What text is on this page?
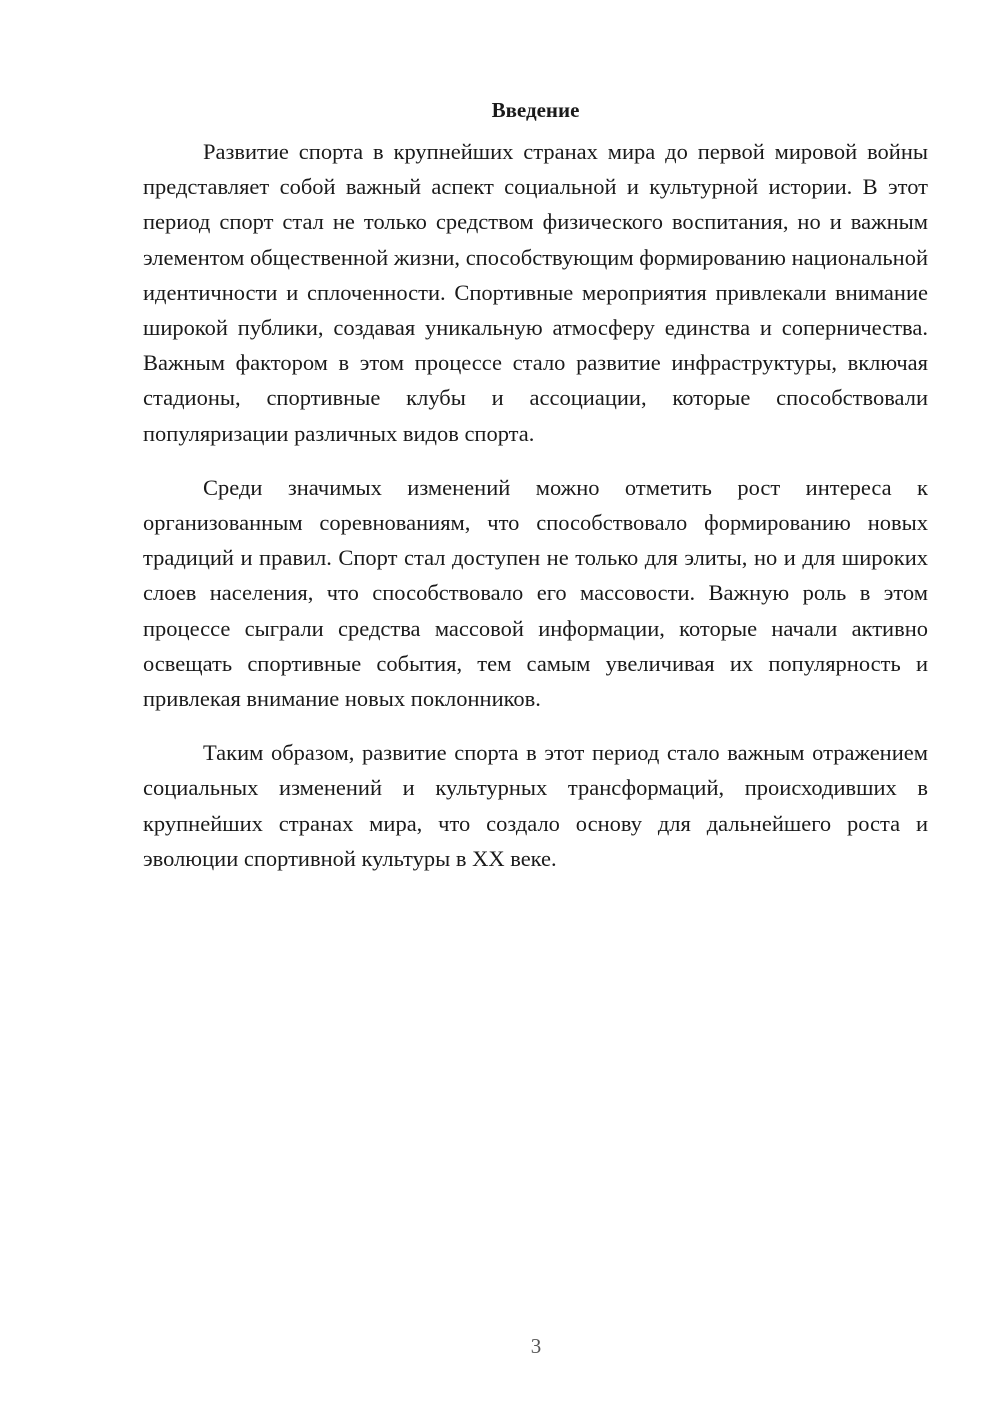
Введение

Развитие спорта в крупнейших странах мира до первой мировой войны представляет собой важный аспект социальной и культурной истории. В этот период спорт стал не только средством физического воспитания, но и важным элементом общественной жизни, способствующим формированию национальной идентичности и сплоченности. Спортивные мероприятия привлекали внимание широкой публики, создавая уникальную атмосферу единства и соперничества. Важным фактором в этом процессе стало развитие инфраструктуры, включая стадионы, спортивные клубы и ассоциации, которые способствовали популяризации различных видов спорта.

Среди значимых изменений можно отметить рост интереса к организованным соревнованиям, что способствовало формированию новых традиций и правил. Спорт стал доступен не только для элиты, но и для широких слоев населения, что способствовало его массовости. Важную роль в этом процессе сыграли средства массовой информации, которые начали активно освещать спортивные события, тем самым увеличивая их популярность и привлекая внимание новых поклонников.

Таким образом, развитие спорта в этот период стало важным отражением социальных изменений и культурных трансформаций, происходивших в крупнейших странах мира, что создало основу для дальнейшего роста и эволюции спортивной культуры в XX веке.

3
